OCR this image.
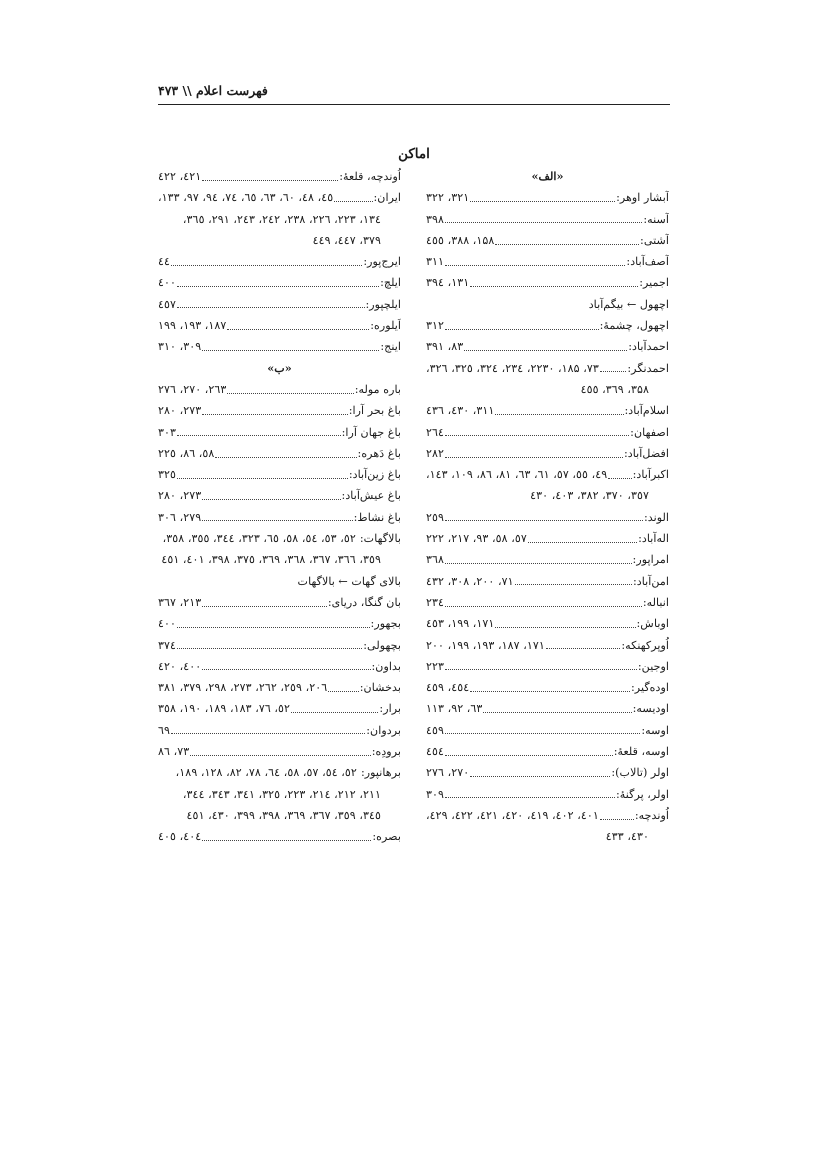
فهرست اعلام \\ ۴۷۳
اماکن
«الف»
آبشار اوهر:
۳۲۱، ۳۲۲
آسنه:
۳۹۸
آشتی:
۱۵۸، ۳۸۸، ٤٥٥
آصف‌آباد:
۳۱۱
اجمیر:
۱۳۱، ۳۹٤
اچهول ← بیگم‌آباد
اچهول، چشمهٔ:
۳۱۲
احمدآباد:
۸۳، ۳۹۱
احمدنگر:
۷۳، ۱۸۵، ۲۲۳۰، ۲۳٤، ۳۲٤، ۳۲٥، ۳۲٦،
۳۵۸، ۳٦۹، ٤٥٥
اسلام‌آباد:
۳۱۱، ٤۳۰، ٤۳٦
اصفهان:
۲٦٤
افضل‌آباد:
۲۸۲
اکبرآباد:
٤۹، ٥٥، ٥۷، ٦۱، ٦۳، ۸۱، ۸٦، ۱۰۹، ۱٤۳،
۳٥۷، ۳۷۰، ۳۸۲، ٤۰۳، ٤۳۰
الوند:
۲٥۹
اله‌آباد:
٥۷، ٥۸، ۹۳، ۲۱۷، ۲۲۲
امراپور:
۳٦۸
امن‌آباد:
۷۱، ۲۰۰، ۳۰۸، ٤۳۲
انباله:
۲۳٤
اوباش:
۱۷۱، ۱۹۹، ٤٥۳
اُوپرکهنکه:
۱۷۱، ۱۸۷، ۱۹۳، ۱۹۹، ۲۰۰
اوجین:
۲۲۳
اوده‌گیر:
٤٥٤، ٤٥۹
اودیسه:
٦۳، ۹۲، ۱۱۳
اوسه:
٤٥۹
اوسه، قلعهٔ:
٤٥٤
اولر (تالاب):
۲۷۰، ۲۷٦
اولر، پرگنهٔ:
۳۰۹
اُوندچه:
٤۰۱، ٤۰۲، ٤۱۹، ٤۲۰، ٤۲۱، ٤۲۲، ٤۲۹،
٤۳۰، ٤۳۳
اُوندچه، قلعهٔ:
٤۲۱، ٤۲۲
ایران:
٤٥، ٤۸، ٦۰، ٦۳، ٦٥، ۷٤، ۹٤، ۹۷، ۱۳۳،
۱۳٤، ۲۲۳، ۲۲٦، ۲۳۸، ۲٤۲، ۲٤۳، ۲۹۱، ۳٦٥،
۳۷۹، ٤٤۷، ٤٤۹
ایرج‌پور:
٤٤
ایلچ:
٤۰۰
ایلچپور:
٤٥۷
اَیلوره:
۱۸۷، ۱۹۳، ۱۹۹
اینج:
۳۰۹، ۳۱۰
«ب»
باره موله:
۲٦۳، ۲۷۰، ۲۷٦
باغ بحر آرا:
۲۷۳، ۲۸۰
باغ جهان آرا:
۳۰۳
باغ دَهره:
٥۸، ۸٦، ۲۲٥
باغ زین‌آباد:
۳۲٥
باغ عیش‌آباد:
۲۷۳، ۲۸۰
باغ نشاط:
۲۷۹، ۳۰٦
بالاگهات:
٥۲، ٥۳، ٥٤، ٥۸، ٦٥، ۳۲۳، ۳٤٤، ۳٥٥، ۳٥۸،
۳٥۹، ۳٦٦، ۳٦۷، ۳٦۸، ۳٦۹، ۳۷٥، ۳۹۸، ٤۰۱، ٤٥۱
بالای گهات ← بالاگهات
بان گنگا، دریای:
۲۱۳، ۳٦۷
بجهور:
٤۰۰
بچهولی:
۳۷٤
بداون:
٤۰۰، ٤۲۰
بدخشان:
۲۰٦، ۲٥۹، ۲٦۲، ۲۷۳، ۲۹۸، ۳۷۹، ۳۸۱
برار:
٥۲، ۷٦، ۱۸۳، ۱۸۹، ۱۹۰، ۳٥۸
بردوان:
٦۹
برودِه:
۷۳، ۸٦
برهانپور:
٥۲، ٥٤، ٥۷، ٥۸، ٦٤، ۷۸، ۸۲، ۱۲۸، ۱۸۹،
۲۱۱، ۲۱۲، ۲۱٤، ۲۲۳، ۳۲٥، ۳٤۱، ۳٤۳، ۳٤٤،
۳٤٥، ۳٥۹، ۳٦۷، ۳٦۹، ۳۹۸، ۳۹۹، ٤۳۰، ٤٥۱
بصره:
٤۰٤، ٤۰٥
